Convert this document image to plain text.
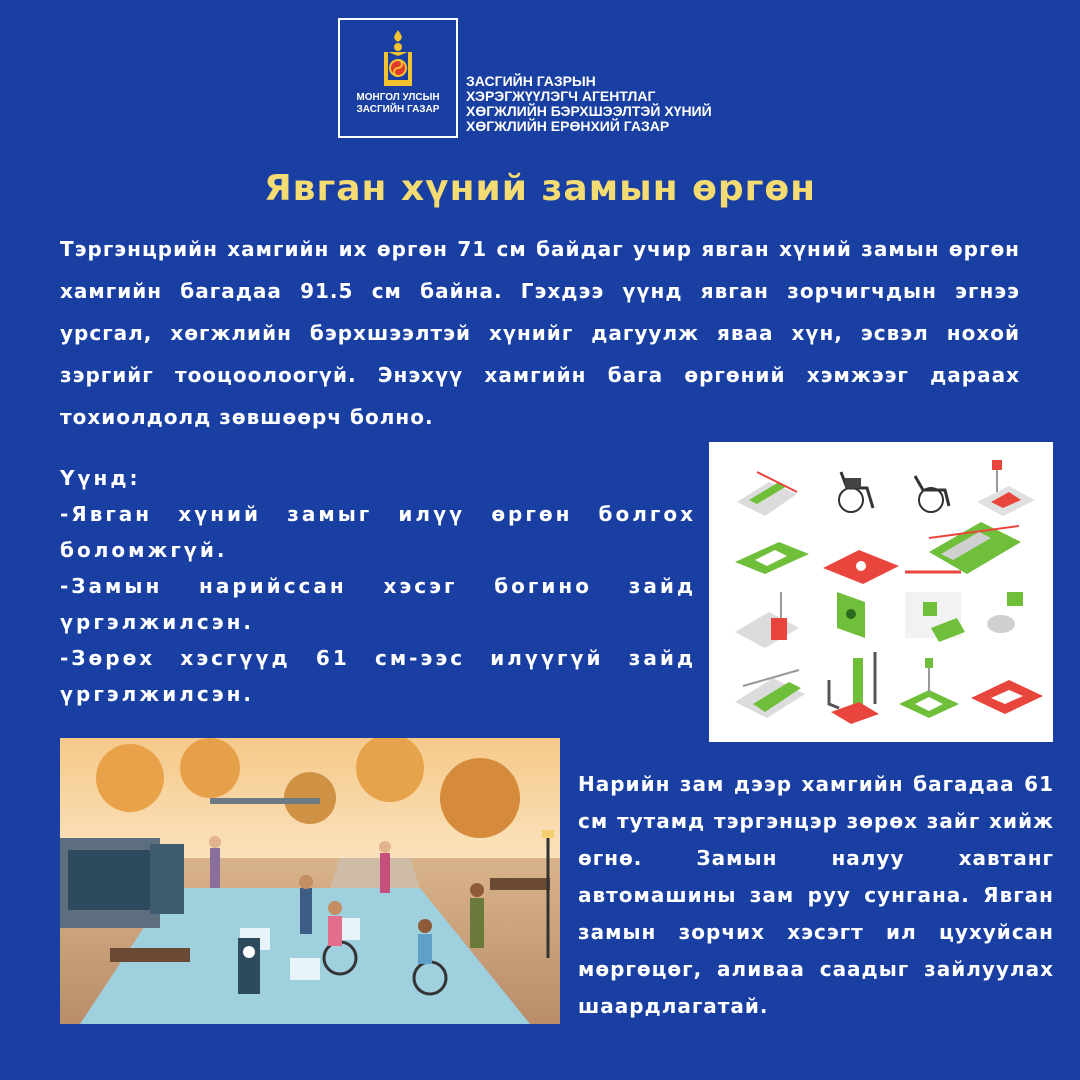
МОНГОЛ УЛСЫН
ЗАСГИЙН ГАЗАР
ЗАСГИЙН ГАЗРЫН
ХЭРЭГЖҮҮЛЭГЧ АГЕНТЛАГ
ХӨГЖЛИЙН БЭРХШЭЭЛТЭЙ ХҮНИЙ
ХӨГЖЛИЙН ЕРӨНХИЙ ГАЗАР
Явган хүний замын өргөн

Тэргэнцрийн хамгийн их өргөн 71 см байдаг учир явган хүний замын өргөн хамгийн багадаа 91.5 см байна. Гэхдээ үүнд явган зорчигчдын эгнээ урсгал, хөгжлийн бэрхшээлтэй хүнийг дагуулж яваа хүн, эсвэл нохой зэргийг тооцоолоогүй. Энэхүү хамгийн бага өргөний хэмжээг дараах тохиолдолд зөвшөөрч болно.

Үүнд:

-Явган хүний замыг илүү өргөн болгох боломжгүй.

-Замын нарийссан хэсэг богино зайд үргэлжилсэн.

-Зөрөх хэсгүүд 61 см-ээс илүүгүй зайд үргэлжилсэн.

Нарийн зам дээр хамгийн багадаа 61 см тутамд тэргэнцэр зөрөх зайг хийж өгнө. Замын налуу хавтанг автомашины зам руу сунгана. Явган замын зорчих хэсэгт ил цухуйсан мөргөцөг, аливаа саадыг зайлуулах шаардлагатай.
